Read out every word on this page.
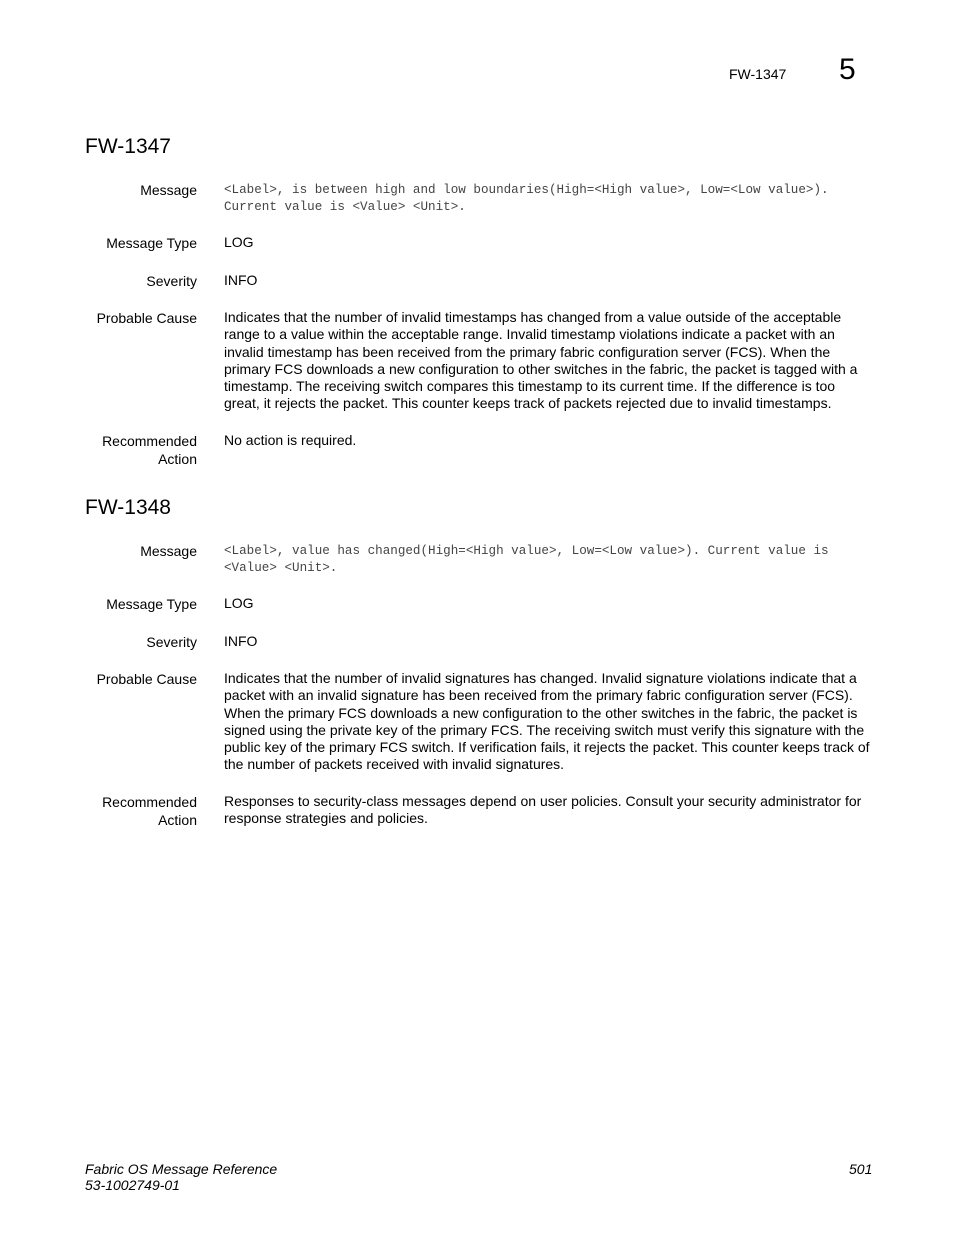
FW-1347 5
FW-1347
Message <Label>, is between high and low boundaries(High=<High value>, Low=<Low value>). Current value is <Value> <Unit>.
Message Type LOG
Severity INFO
Probable Cause Indicates that the number of invalid timestamps has changed from a value outside of the acceptable range to a value within the acceptable range. Invalid timestamp violations indicate a packet with an invalid timestamp has been received from the primary fabric configuration server (FCS). When the primary FCS downloads a new configuration to other switches in the fabric, the packet is tagged with a timestamp. The receiving switch compares this timestamp to its current time. If the difference is too great, it rejects the packet. This counter keeps track of packets rejected due to invalid timestamps.
Recommended Action
No action is required.
FW-1348
Message <Label>, value has changed(High=<High value>, Low=<Low value>). Current value is <Value> <Unit>.
Message Type LOG
Severity INFO
Probable Cause Indicates that the number of invalid signatures has changed. Invalid signature violations indicate that a packet with an invalid signature has been received from the primary fabric configuration server (FCS). When the primary FCS downloads a new configuration to the other switches in the fabric, the packet is signed using the private key of the primary FCS. The receiving switch must verify this signature with the public key of the primary FCS switch. If verification fails, it rejects the packet. This counter keeps track of the number of packets received with invalid signatures.
Recommended Action
Responses to security-class messages depend on user policies. Consult your security administrator for response strategies and policies.
Fabric OS Message Reference
53-1002749-01
501
